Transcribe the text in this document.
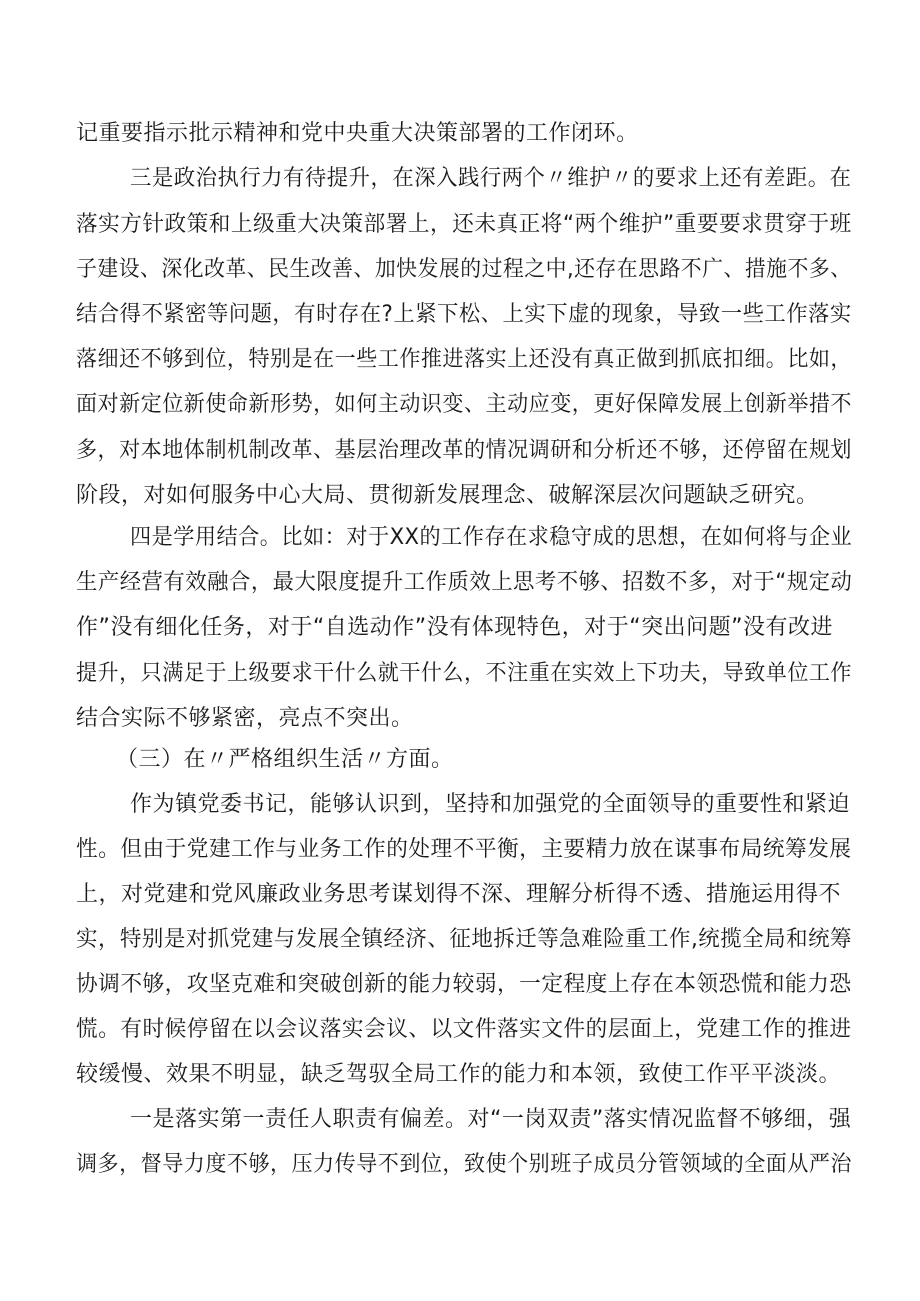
记重要指示批示精神和党中央重大决策部署的工作闭环。
三是政治执行力有待提升，在深入践行两个〃维护〃的要求上还有差距。在
落实方针政策和上级重大决策部署上，还未真正将“两个维护”重要要求贯穿于班
子建设、深化改革、民生改善、加快发展的过程之中,还存在思路不广、措施不多、
结合得不紧密等问题，有时存在?上紧下松、上实下虚的现象，导致一些工作落实
落细还不够到位，特别是在一些工作推进落实上还没有真正做到抓底扣细。比如，
面对新定位新使命新形势，如何主动识变、主动应变，更好保障发展上创新举措不
多，对本地体制机制改革、基层治理改革的情况调研和分析还不够，还停留在规划
阶段，对如何服务中心大局、贯彻新发展理念、破解深层次问题缺乏研究。
四是学用结合。比如：对于XX的工作存在求稳守成的思想，在如何将与企业
生产经营有效融合，最大限度提升工作质效上思考不够、招数不多，对于“规定动
作”没有细化任务，对于“自选动作”没有体现特色，对于“突出问题”没有改进
提升，只满足于上级要求干什么就干什么，不注重在实效上下功夫，导致单位工作
结合实际不够紧密，亮点不突出。
（三）在〃严格组织生活〃方面。
作为镇党委书记，能够认识到，坚持和加强党的全面领导的重要性和紧迫
性。但由于党建工作与业务工作的处理不平衡，主要精力放在谋事布局统筹发展
上，对党建和党风廉政业务思考谋划得不深、理解分析得不透、措施运用得不
实，特别是对抓党建与发展全镇经济、征地拆迁等急难险重工作,统揽全局和统筹
协调不够，攻坚克难和突破创新的能力较弱，一定程度上存在本领恐慌和能力恐
慌。有时候停留在以会议落实会议、以文件落实文件的层面上，党建工作的推进
较缓慢、效果不明显，缺乏驾驭全局工作的能力和本领，致使工作平平淡淡。
一是落实第一责任人职责有偏差。对“一岗双责”落实情况监督不够细，强
调多，督导力度不够，压力传导不到位，致使个别班子成员分管领域的全面从严治
